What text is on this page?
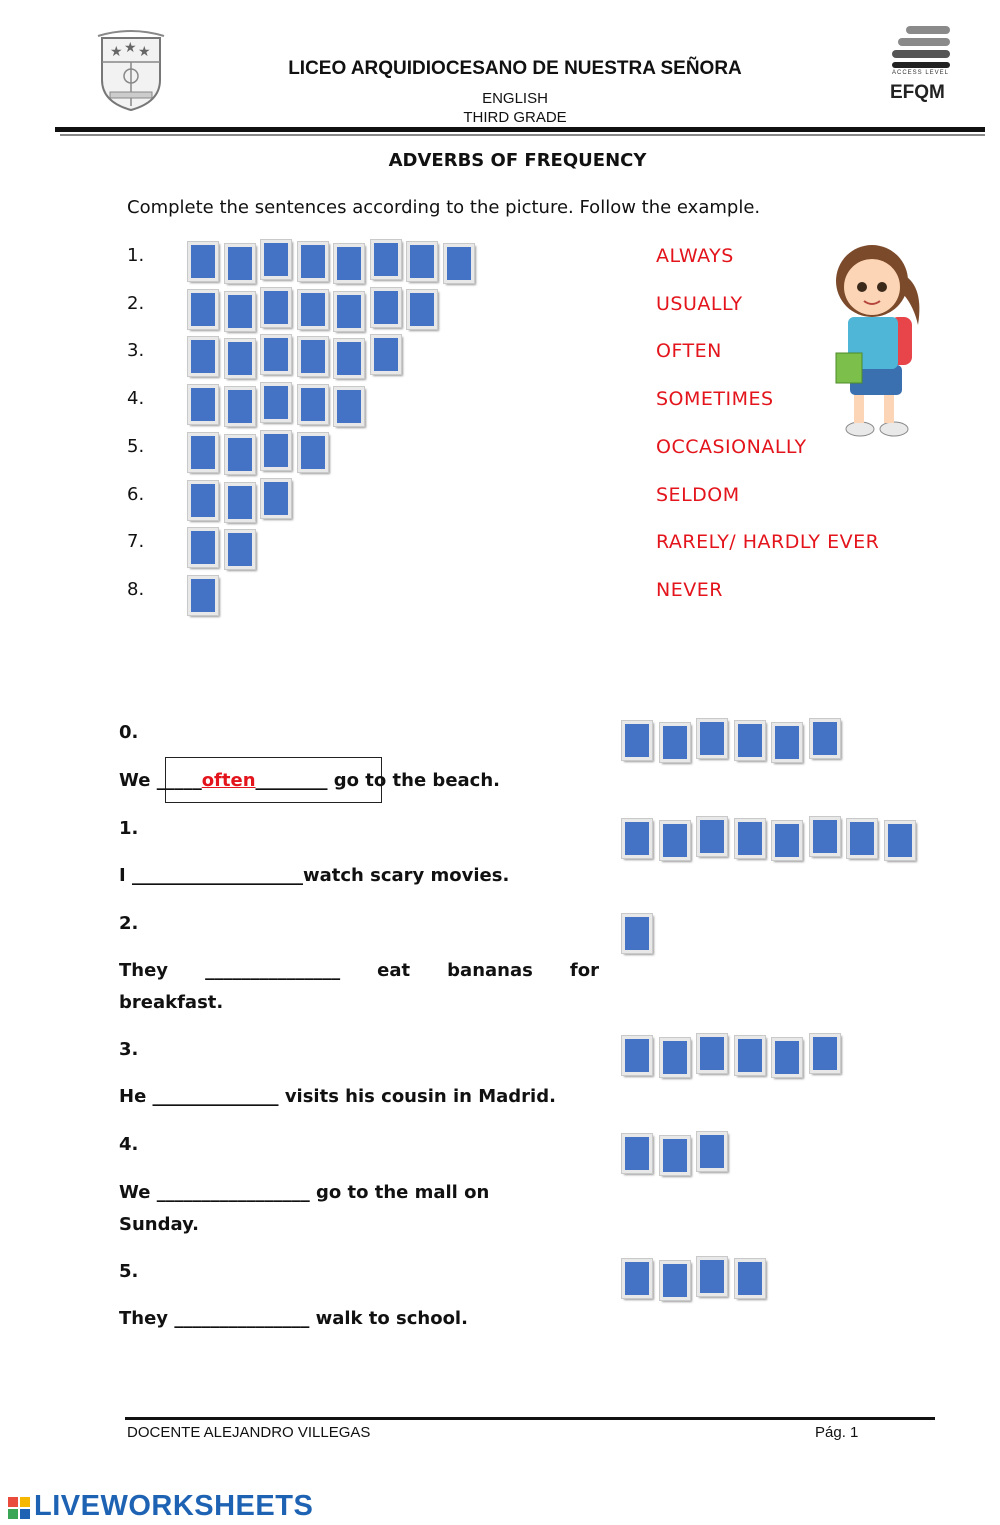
★ ★ ★
LICEO ARQUIDIOCESANO DE NUESTRA SEÑORA
ENGLISH
THIRD GRADE
ACCESS LEVEL
EFQM
ADVERBS OF FREQUENCY
Complete the sentences according to the picture. Follow the example.
1.	ALWAYS
2.	USUALLY
3.	OFTEN
4.	SOMETIMES
5.	OCCASIONALLY
6.	SELDOM
7.	RARELY/ HARDLY EVER
8.	NEVER
0.
We _____often________ go to the beach.
1.
I ___________________watch scary movies.
2.
They _______________ eat bananas for
breakfast.
3.
He ______________ visits his cousin in Madrid.
4.
We _________________ go to the mall on
Sunday.
5.
They _______________ walk to school.
DOCENTE ALEJANDRO VILLEGAS	Pág. 1
LIVEWORKSHEETS
